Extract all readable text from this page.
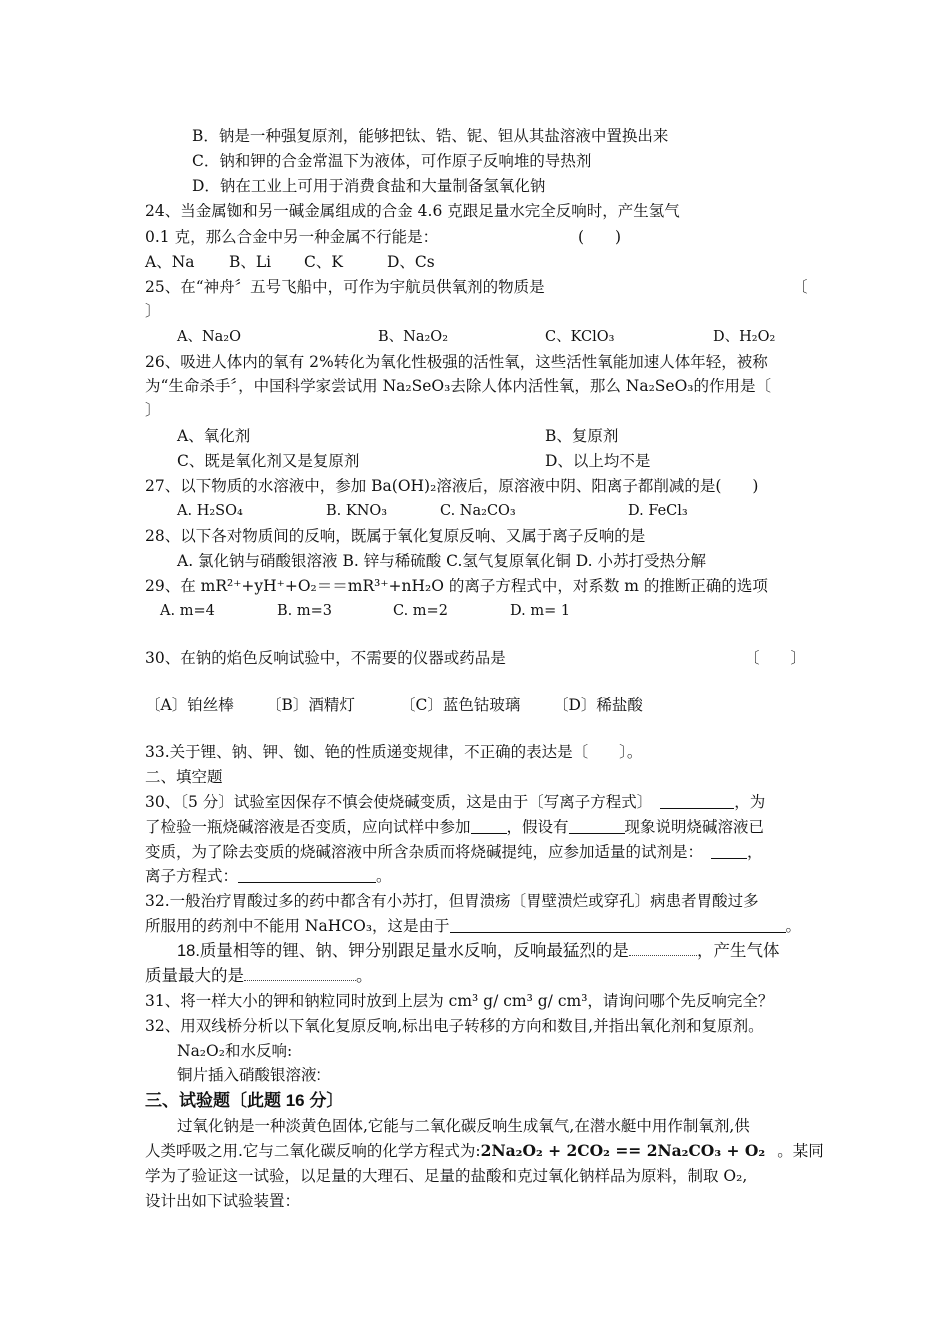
B．钠是一种强复原剂，能够把钛、锆、铌、钽从其盐溶液中置换出来
C．钠和钾的合金常温下为液体，可作原子反响堆的导热剂
D．钠在工业上可用于消费食盐和大量制备氢氧化钠
24、当金属铷和另一碱金属组成的合金 4.6 克跟足量水完全反响时，产生氢气
0.1 克，那么合金中另一种金属不行能是：	(　　)
A、Na B、Li C、K	D、Cs
25、在“神舟〞五号飞船中，可作为宇航员供氧剂的物质是	〔
〕
A、Na₂O	B、Na₂O₂	C、KClO₃	D、H₂O₂
26、吸进人体内的氧有 2%转化为氧化性极强的活性氧，这些活性氧能加速人体年轻，被称
为“生命杀手〞，中国科学家尝试用 Na₂SeO₃去除人体内活性氧，那么 Na₂SeO₃的作用是〔
〕
A、氧化剂	B、复原剂
C、既是氧化剂又是复原剂	D、以上均不是
27、以下物质的水溶液中，参加 Ba(OH)₂溶液后，原溶液中阴、阳离子都削减的是(　　)
A. H₂SO₄	B. KNO₃	C. Na₂CO₃	D. FeCl₃
28、以下各对物质间的反响，既属于氧化复原反响、又属于离子反响的是
A. 氯化钠与硝酸银溶液 B. 锌与稀硫酸 C.氢气复原氧化铜 D. 小苏打受热分解
29、在 mR²⁺+yH⁺+O₂＝＝mR³⁺+nH₂O 的离子方程式中，对系数 m 的推断正确的选项
A. m=4	B. m=3	C. m=2	D. m= 1
30、在钠的焰色反响试验中，不需要的仪器或药品是	〔　　〕
〔A〕铂丝棒 〔B〕酒精灯	〔C〕蓝色钴玻璃 〔D〕稀盐酸
33.关于锂、钠、钾、铷、铯的性质递变规律，不正确的表达是〔　　〕。
二、填空题
30、〔5 分〕试验室因保存不慎会使烧碱变质，这是由于〔写离子方程式〕	，为
了检验一瓶烧碱溶液是否变质，应向试样中参加 ，假设有	现象说明烧碱溶液已
变质，为了除去变质的烧碱溶液中所含杂质而将烧碱提纯，应参加适量的试剂是：	，
离子方程式：	。
32.一般治疗胃酸过多的药中都含有小苏打，但胃溃疡〔胃壁溃烂或穿孔〕病患者胃酸过多
所服用的药剂中不能用 NaHCO₃，这是由于	。
18.质量相等的锂、钠、钾分别跟足量水反响，反响最猛烈的是	，产生气体
质量最大的是	。
31、将一样大小的钾和钠粒同时放到上层为 cm³ g/ cm³ g/ cm³，请询问哪个先反响完全？
32、用双线桥分析以下氧化复原反响,标出电子转移的方向和数目,并指出氧化剂和复原剂。
Na₂O₂和水反响:
铜片插入硝酸银溶液:
三、试验题〔此题 16 分〕
过氧化钠是一种淡黄色固体,它能与二氧化碳反响生成氧气,在潜水艇中用作制氧剂,供
人类呼吸之用.它与二氧化碳反响的化学方程式为:2Na₂O₂ + 2CO₂ == 2Na₂CO₃ + O₂ 。某同
学为了验证这一试验，以足量的大理石、足量的盐酸和克过氧化钠样品为原料，制取 O₂,
设计出如下试验装置：
